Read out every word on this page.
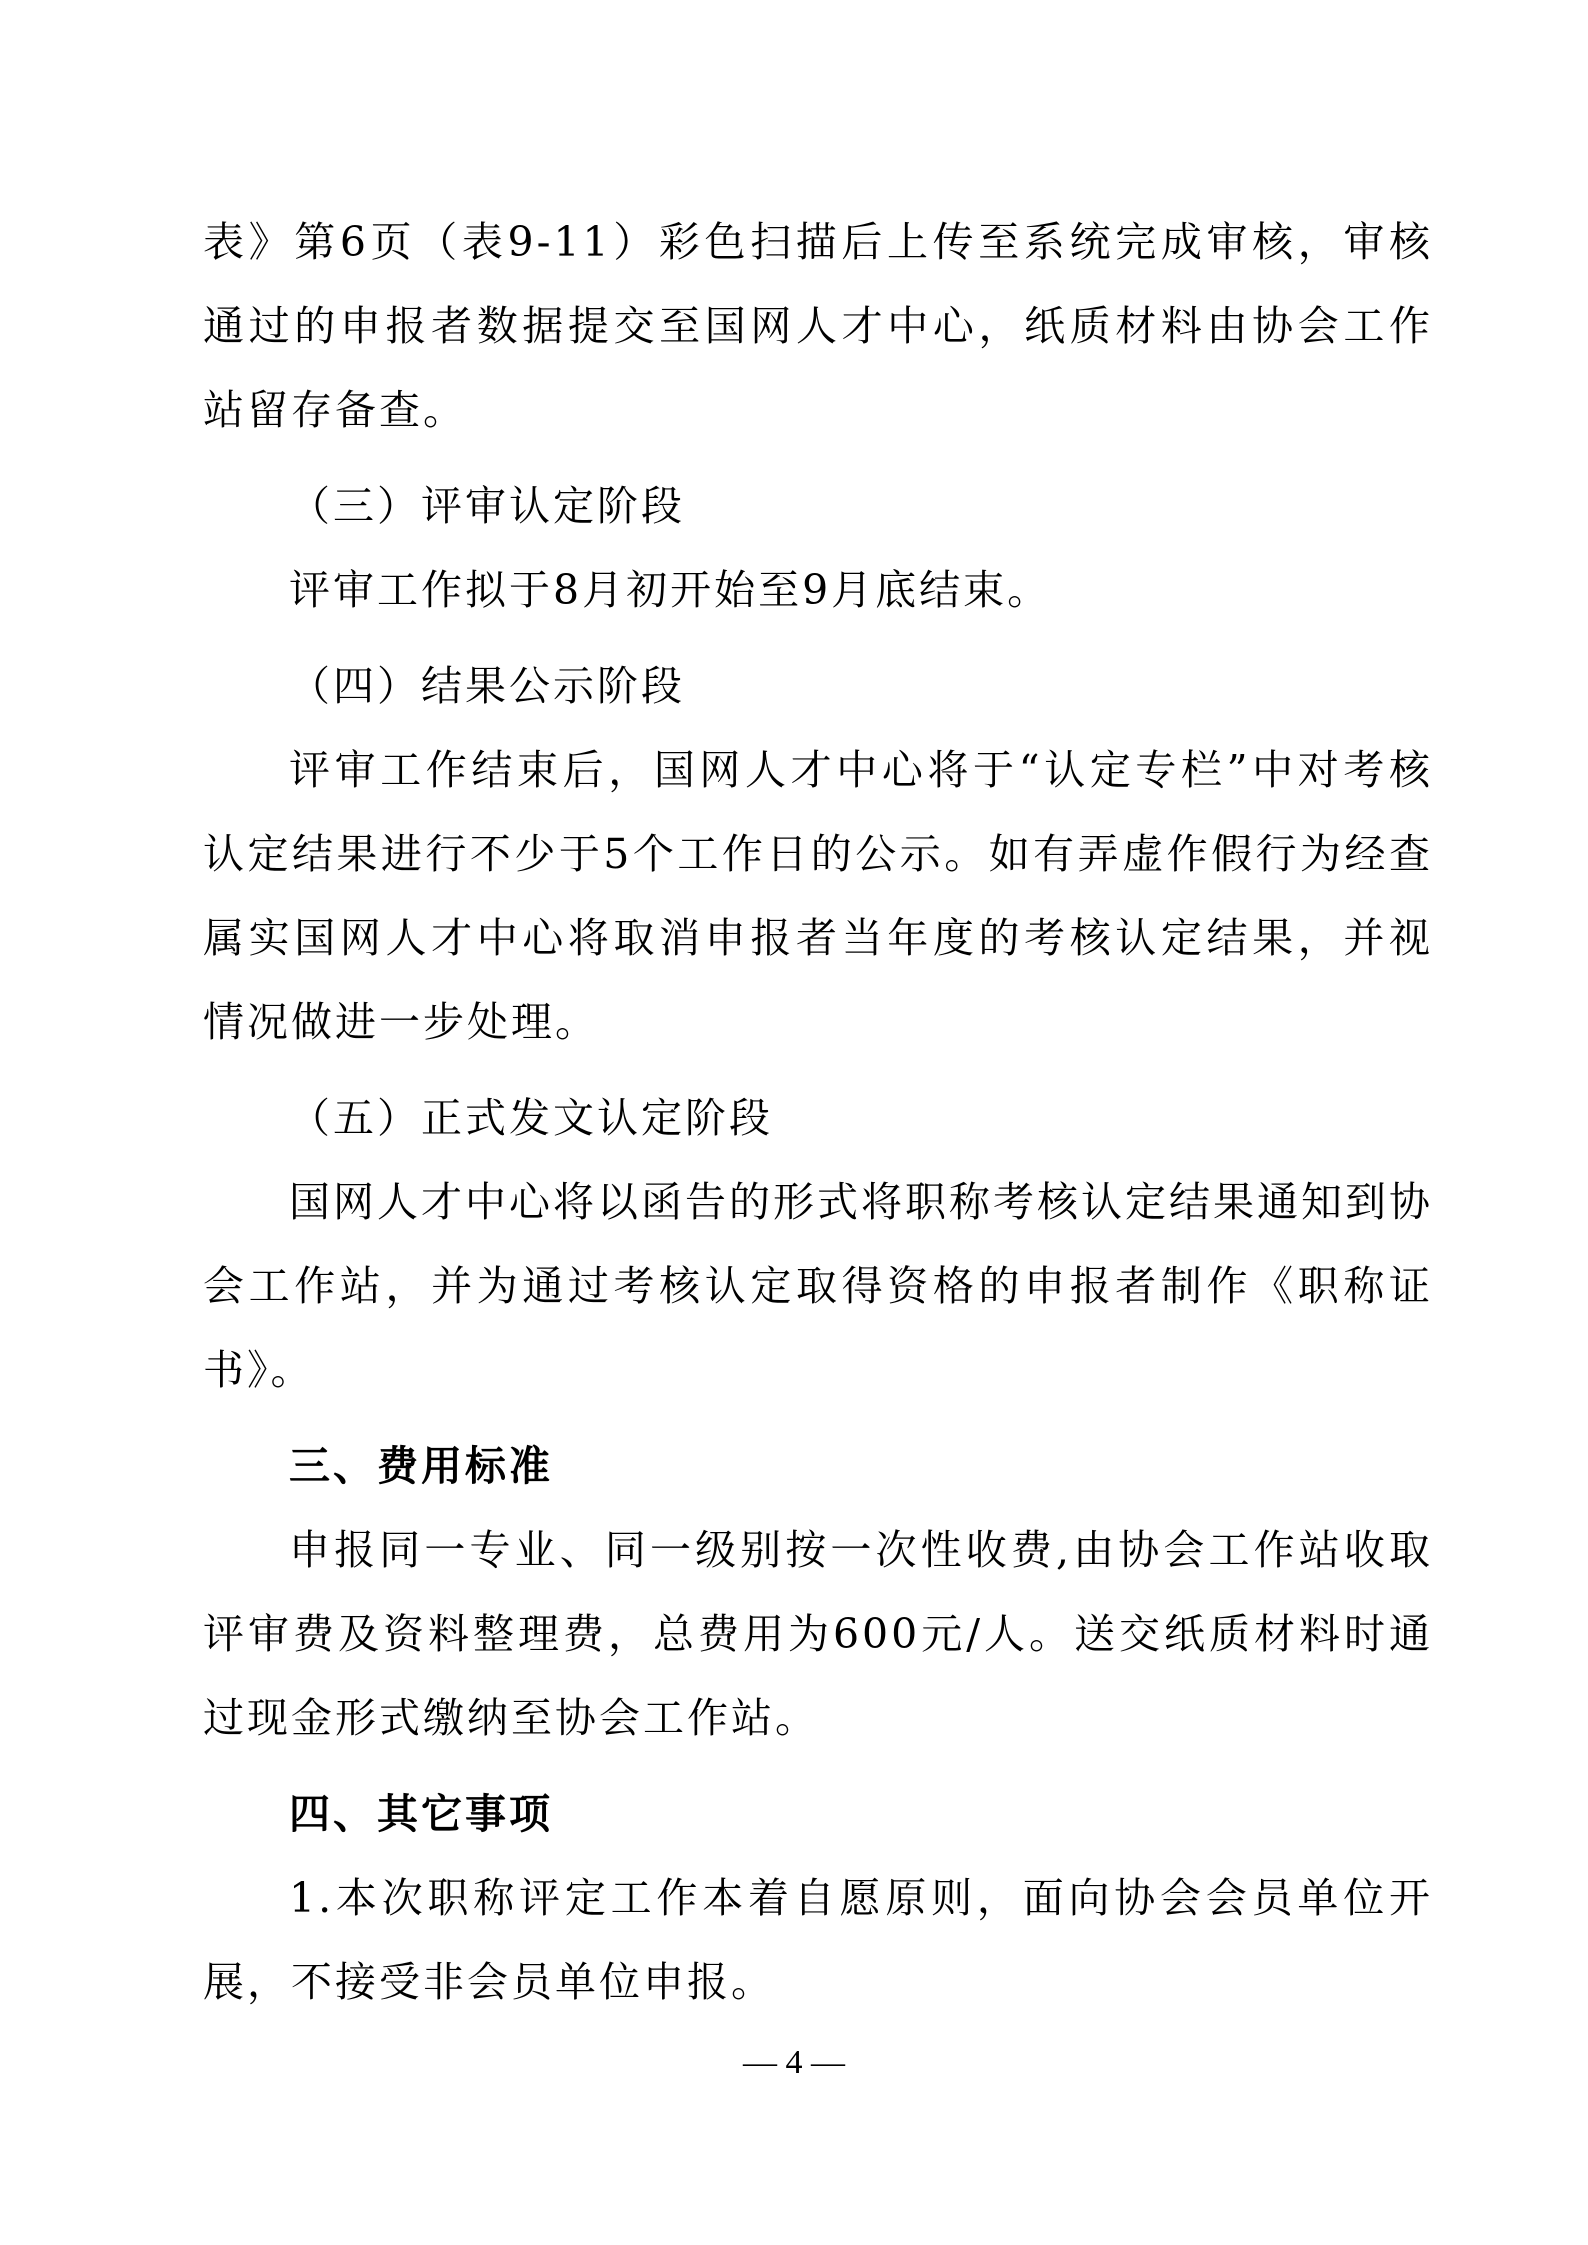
表》第6页（表9-11）彩色扫描后上传至系统完成审核，审核通过的申报者数据提交至国网人才中心，纸质材料由协会工作站留存备查。

（三）评审认定阶段

评审工作拟于8月初开始至9月底结束。

（四）结果公示阶段

评审工作结束后，国网人才中心将于“认定专栏”中对考核认定结果进行不少于5个工作日的公示。如有弄虚作假行为经查属实国网人才中心将取消申报者当年度的考核认定结果，并视情况做进一步处理。

（五）正式发文认定阶段

国网人才中心将以函告的形式将职称考核认定结果通知到协会工作站，并为通过考核认定取得资格的申报者制作《职称证书》。

三、费用标准

申报同一专业、同一级别按一次性收费,由协会工作站收取评审费及资料整理费，总费用为600元/人。送交纸质材料时通过现金形式缴纳至协会工作站。

四、其它事项

1.本次职称评定工作本着自愿原则，面向协会会员单位开展，不接受非会员单位申报。

— 4 —
